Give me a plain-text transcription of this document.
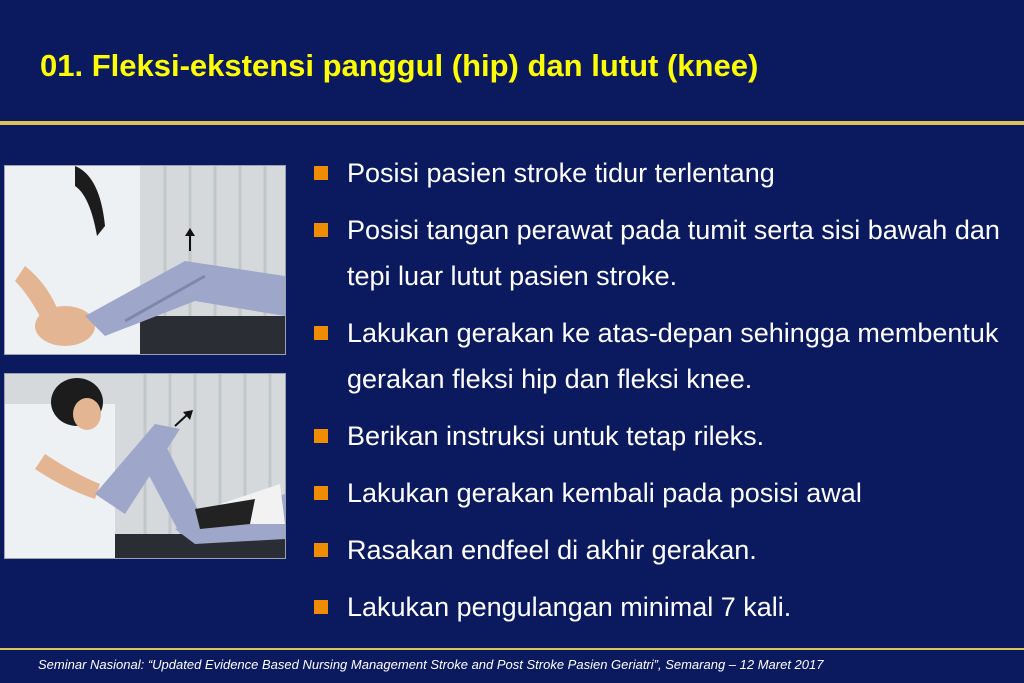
01. Fleksi-ekstensi panggul (hip) dan lutut (knee)
Posisi pasien stroke tidur terlentang
Posisi tangan perawat pada tumit serta sisi bawah dan tepi luar lutut pasien stroke.
Lakukan gerakan ke atas-depan sehingga membentuk gerakan fleksi hip dan fleksi knee.
Berikan instruksi untuk tetap rileks.
Lakukan gerakan kembali pada posisi awal
Rasakan endfeel di akhir gerakan.
Lakukan pengulangan minimal 7 kali.
Seminar Nasional: “Updated Evidence Based Nursing Management Stroke and Post Stroke Pasien Geriatri”, Semarang – 12 Maret 2017
